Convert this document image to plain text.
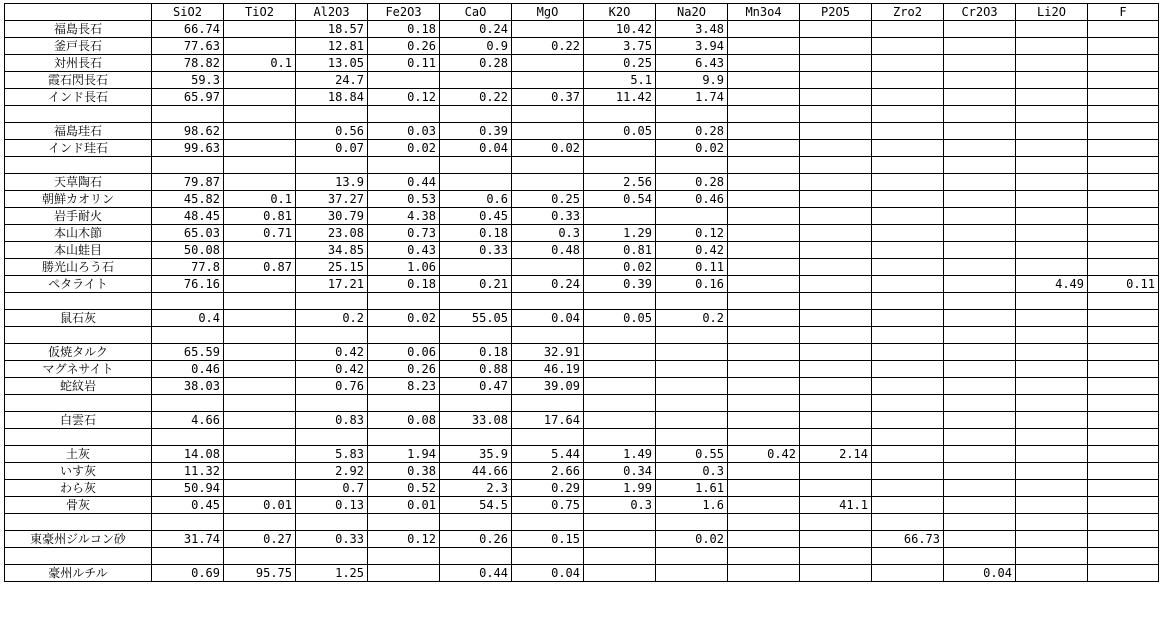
	SiO2	TiO2	Al2O3	Fe2O3	CaO	MgO	K2O	Na2O	Mn3o4	P2O5	Zro2	Cr2O3	Li2O	F
福島長石	66.74		18.57	0.18	0.24		10.42	3.48						
釜戸長石	77.63		12.81	0.26	0.9	0.22	3.75	3.94						
対州長石	78.82	0.1	13.05	0.11	0.28		0.25	6.43						
霞石閃長石	59.3		24.7				5.1	9.9						
インド長石	65.97		18.84	0.12	0.22	0.37	11.42	1.74						

福島珪石	98.62		0.56	0.03	0.39		0.05	0.28						
インド珪石	99.63		0.07	0.02	0.04	0.02		0.02						

天草陶石	79.87		13.9	0.44			2.56	0.28						
朝鮮カオリン	45.82	0.1	37.27	0.53	0.6	0.25	0.54	0.46						
岩手耐火	48.45	0.81	30.79	4.38	0.45	0.33								
本山木節	65.03	0.71	23.08	0.73	0.18	0.3	1.29	0.12						
本山蛙目	50.08		34.85	0.43	0.33	0.48	0.81	0.42						
勝光山ろう石	77.8	0.87	25.15	1.06			0.02	0.11						
ペタライト	76.16		17.21	0.18	0.21	0.24	0.39	0.16					4.49	0.11

鼠石灰	0.4		0.2	0.02	55.05	0.04	0.05	0.2						

仮焼タルク	65.59		0.42	0.06	0.18	32.91								
マグネサイト	0.46		0.42	0.26	0.88	46.19								
蛇紋岩	38.03		0.76	8.23	0.47	39.09								

白雲石	4.66		0.83	0.08	33.08	17.64								

土灰	14.08		5.83	1.94	35.9	5.44	1.49	0.55	0.42	2.14				
いす灰	11.32		2.92	0.38	44.66	2.66	0.34	0.3						
わら灰	50.94		0.7	0.52	2.3	0.29	1.99	1.61						
骨灰	0.45	0.01	0.13	0.01	54.5	0.75	0.3	1.6		41.1				

東豪州ジルコン砂	31.74	0.27	0.33	0.12	0.26	0.15		0.02			66.73			

豪州ルチル	0.69	95.75	1.25		0.44	0.04						0.04		
